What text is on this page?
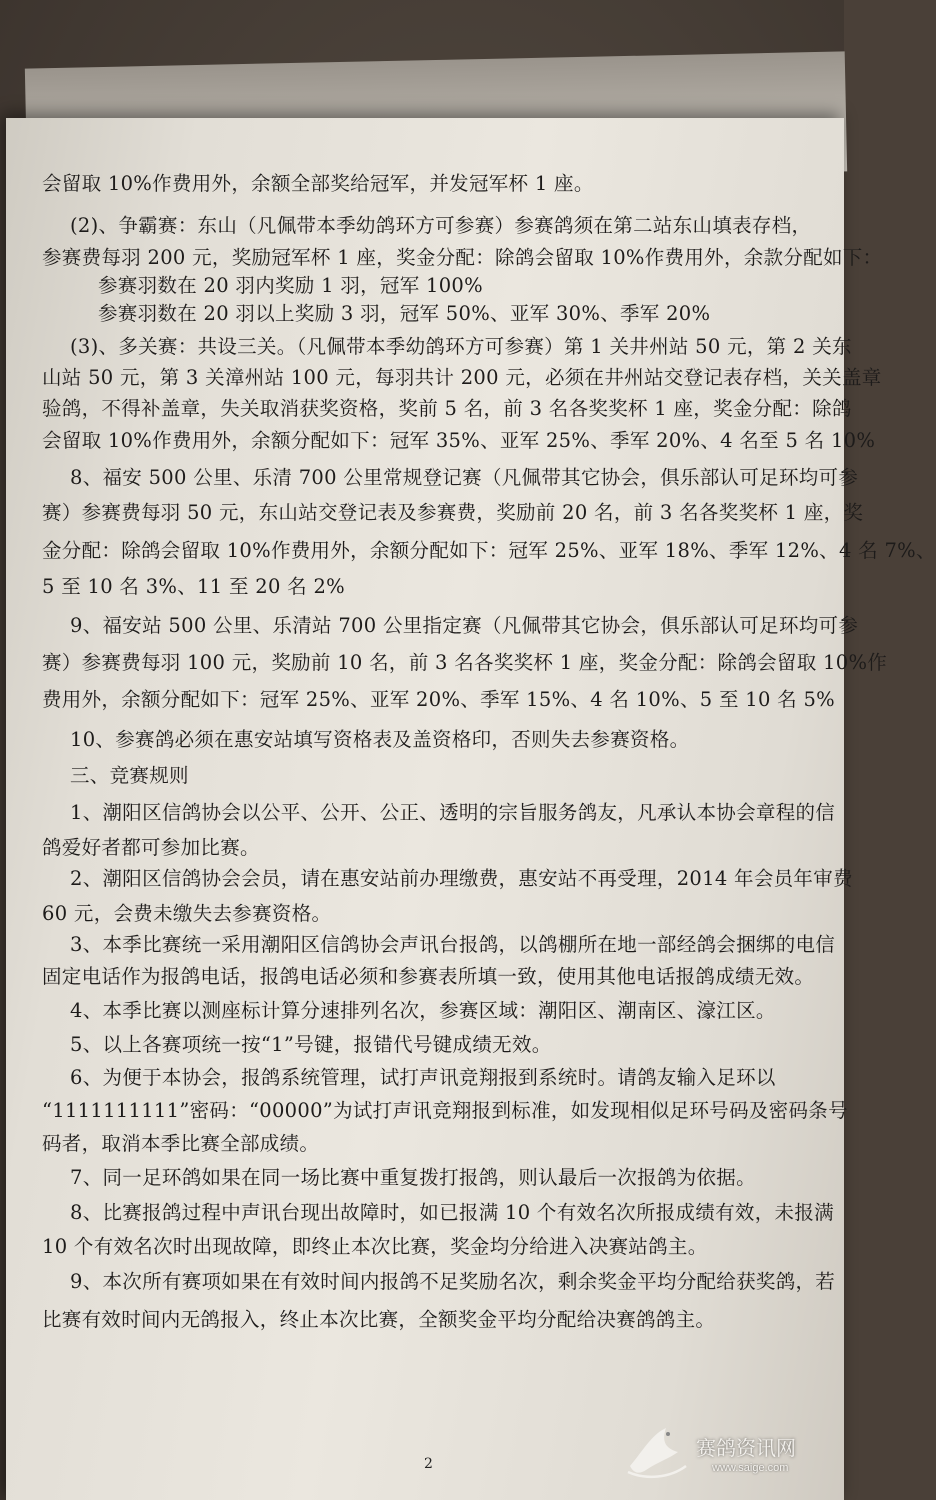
会留取 10%作费用外，余额全部奖给冠军，并发冠军杯 1 座。
(2)、争霸赛：东山（凡佩带本季幼鸽环方可参赛）参赛鸽须在第二站东山填表存档，
参赛费每羽 200 元，奖励冠军杯 1 座，奖金分配：除鸽会留取 10%作费用外，余款分配如下：
参赛羽数在 20 羽内奖励 1 羽，冠军 100%
参赛羽数在 20 羽以上奖励 3 羽，冠军 50%、亚军 30%、季军 20%
(3)、多关赛：共设三关。（凡佩带本季幼鸽环方可参赛）第 1 关井州站 50 元，第 2 关东
山站 50 元，第 3 关漳州站 100 元，每羽共计 200 元，必须在井州站交登记表存档，关关盖章
验鸽，不得补盖章，失关取消获奖资格，奖前 5 名，前 3 名各奖奖杯 1 座，奖金分配：除鸽
会留取 10%作费用外，余额分配如下：冠军 35%、亚军 25%、季军 20%、4 名至 5 名 10%
8、福安 500 公里、乐清 700 公里常规登记赛（凡佩带其它协会，俱乐部认可足环均可参
赛）参赛费每羽 50 元，东山站交登记表及参赛费，奖励前 20 名，前 3 名各奖奖杯 1 座，奖
金分配：除鸽会留取 10%作费用外，余额分配如下：冠军 25%、亚军 18%、季军 12%、4 名 7%、
5 至 10 名 3%、11 至 20 名 2%
9、福安站 500 公里、乐清站 700 公里指定赛（凡佩带其它协会，俱乐部认可足环均可参
赛）参赛费每羽 100 元，奖励前 10 名，前 3 名各奖奖杯 1 座，奖金分配：除鸽会留取 10%作
费用外，余额分配如下：冠军 25%、亚军 20%、季军 15%、4 名 10%、5 至 10 名 5%
10、参赛鸽必须在惠安站填写资格表及盖资格印，否则失去参赛资格。
三、竞赛规则
1、潮阳区信鸽协会以公平、公开、公正、透明的宗旨服务鸽友，凡承认本协会章程的信
鸽爱好者都可参加比赛。
2、潮阳区信鸽协会会员，请在惠安站前办理缴费，惠安站不再受理，2014 年会员年审费
60 元，会费未缴失去参赛资格。
3、本季比赛统一采用潮阳区信鸽协会声讯台报鸽，以鸽棚所在地一部经鸽会捆绑的电信
固定电话作为报鸽电话，报鸽电话必须和参赛表所填一致，使用其他电话报鸽成绩无效。
4、本季比赛以测座标计算分速排列名次，参赛区域：潮阳区、潮南区、濠江区。
5、以上各赛项统一按“1”号键，报错代号键成绩无效。
6、为便于本协会，报鸽系统管理，试打声讯竞翔报到系统时。请鸽友输入足环以
“1111111111”密码：“00000”为试打声讯竞翔报到标准，如发现相似足环号码及密码条号
码者，取消本季比赛全部成绩。
7、同一足环鸽如果在同一场比赛中重复拨打报鸽，则认最后一次报鸽为依据。
8、比赛报鸽过程中声讯台现出故障时，如已报满 10 个有效名次所报成绩有效，未报满
10 个有效名次时出现故障，即终止本次比赛，奖金均分给进入决赛站鸽主。
9、本次所有赛项如果在有效时间内报鸽不足奖励名次，剩余奖金平均分配给获奖鸽，若
比赛有效时间内无鸽报入，终止本次比赛，全额奖金平均分配给决赛鸽鸽主。
2
赛鸽资讯网
www.saige.com
